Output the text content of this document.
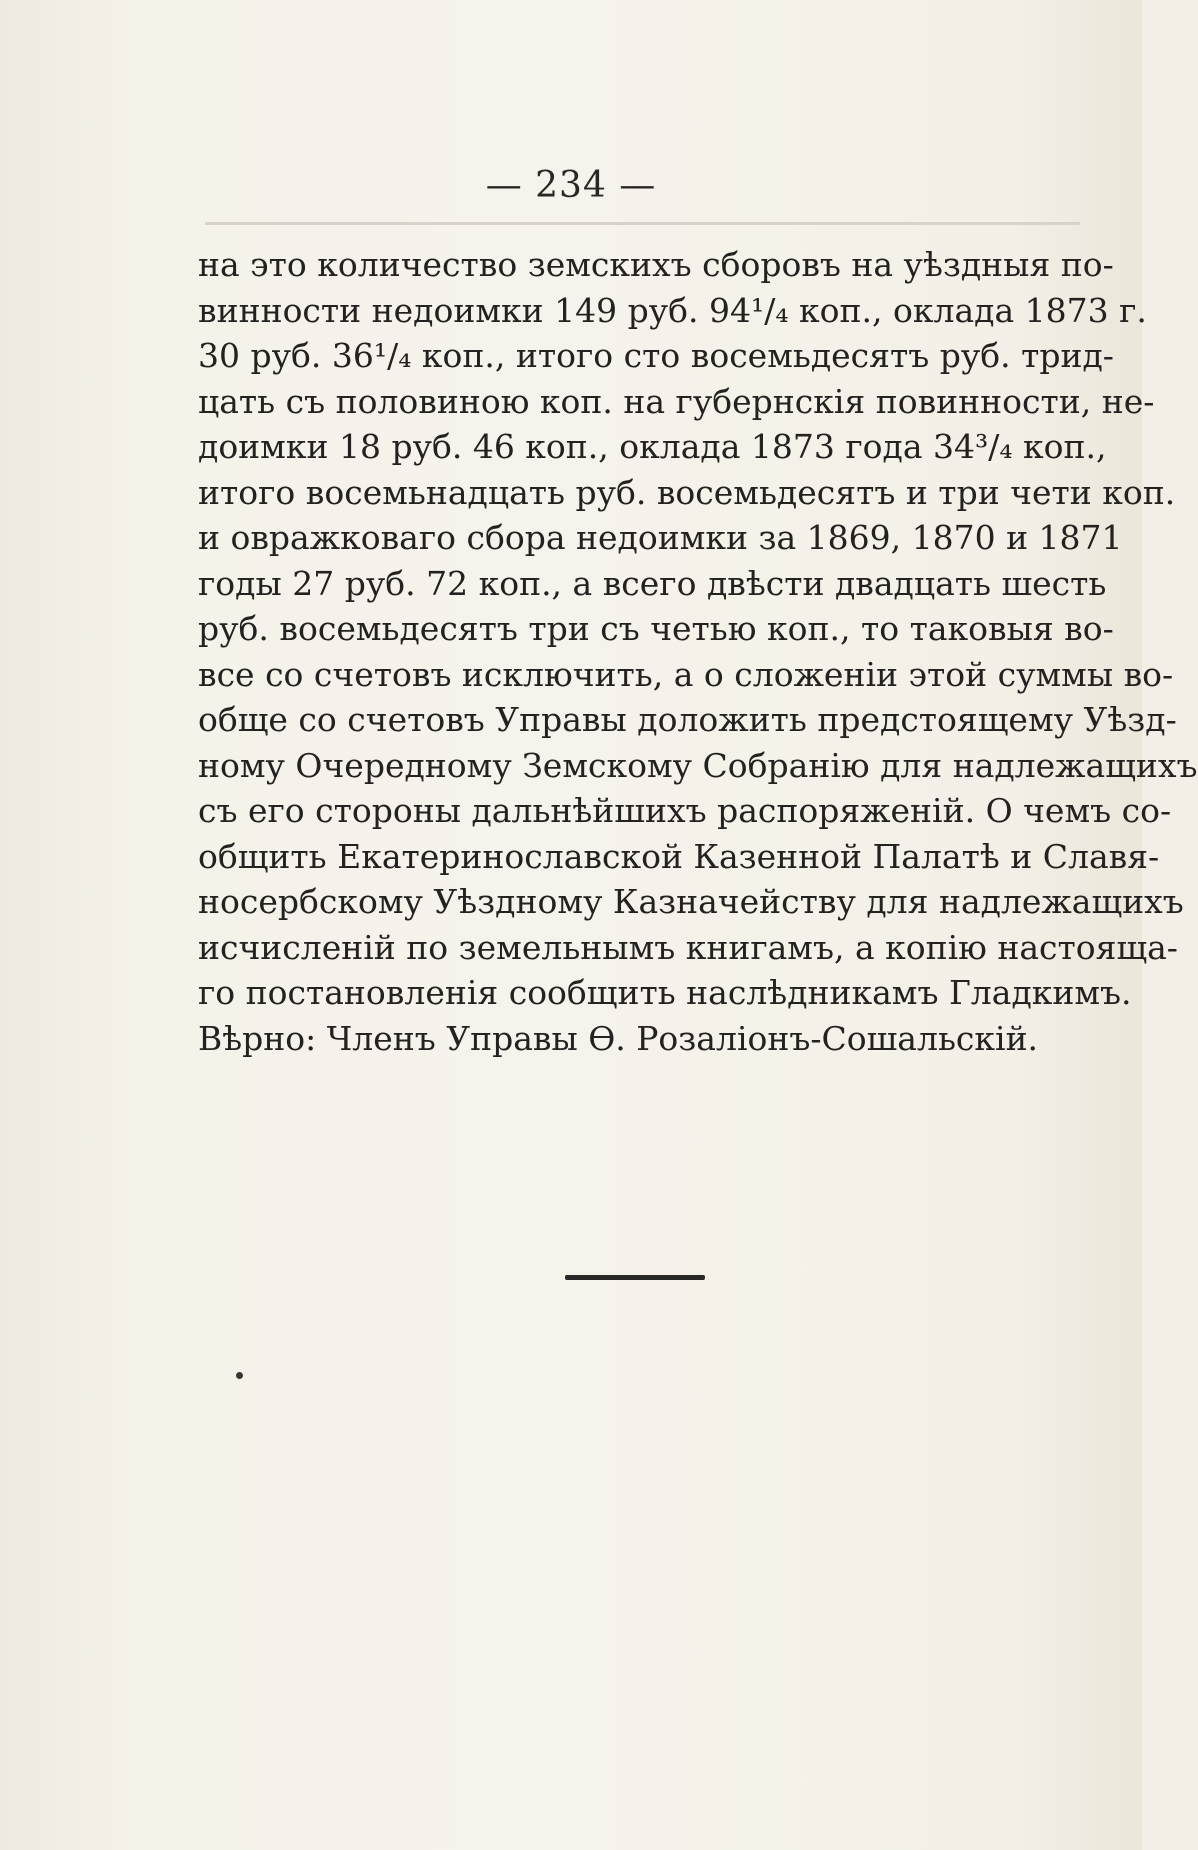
— 234 —
на это количество земскихъ сборовъ на уѣздныя по-
винности недоимки 149 руб. 94¹/₄ коп., оклада 1873 г.
30 руб. 36¹/₄ коп., итого сто восемьдесятъ руб. трид-
цать съ половиною коп. на губернскія повинности, не-
доимки 18 руб. 46 коп., оклада 1873 года 34³/₄ коп.,
итого восемьнадцать руб. восемьдесятъ и три чети коп.
и овражковаго сбора недоимки за 1869, 1870 и 1871
годы 27 руб. 72 коп., а всего двѣсти двадцать шесть
руб. восемьдесятъ три съ четью коп., то таковыя во-
все со счетовъ исключить, а о сложеніи этой суммы во-
обще со счетовъ Управы доложить предстоящему Уѣзд-
ному Очередному Земскому Собранію для надлежащихъ
съ его стороны дальнѣйшихъ распоряженій. О чемъ со-
общить Екатеринославской Казенной Палатѣ и Славя-
носербскому Уѣздному Казначейству для надлежащихъ
исчисленій по земельнымъ книгамъ, а копію настояща-
го постановленія сообщить наслѣдникамъ Гладкимъ.
Вѣрно: Членъ Управы Ѳ. Розаліонъ-Сошальскій.
